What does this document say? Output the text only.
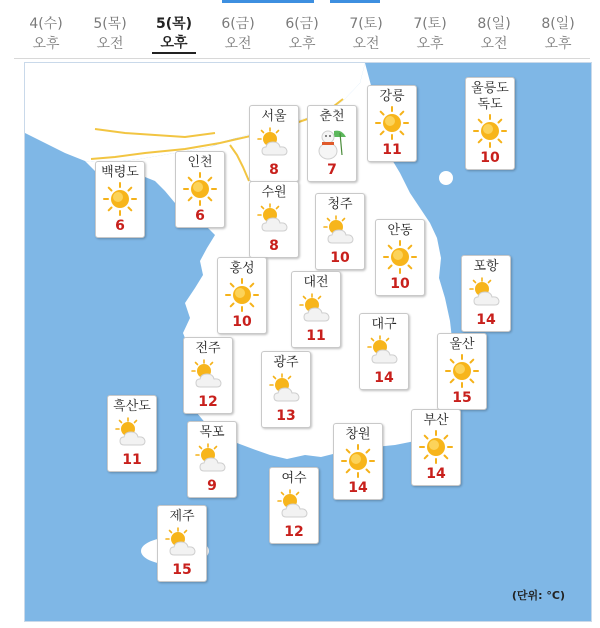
4(수)
오후
5(목)
오전
5(목)
오후
6(금)
오전
6(금)
오후
7(토)
오전
7(토)
오후
8(일)
오전
8(일)
오후
서울
8
춘천
7
강릉
11
울릉도
독도
10
백령도
6
인천
6
수원
8
청주
10
안동
10
홍성
10
대전
11
포항
14
대구
14
전주
12
광주
13
울산
15
흑산도
11
목포
9
창원
14
부산
14
여수
12
제주
15
(단위: °C)
